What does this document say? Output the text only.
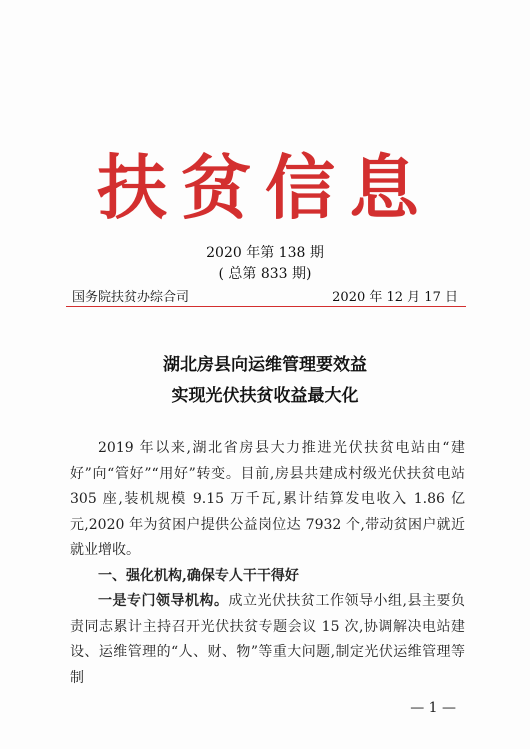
扶贫信息
2020 年第 138 期
( 总第 833 期)
国务院扶贫办综合司	2020 年 12 月 17 日
湖北房县向运维管理要效益
实现光伏扶贫收益最大化

2019 年以来,湖北省房县大力推进光伏扶贫电站由“建好”向“管好”“用好”转变。目前,房县共建成村级光伏扶贫电站 305 座,装机规模 9.15 万千瓦,累计结算发电收入 1.86 亿元,2020 年为贫困户提供公益岗位达 7932 个,带动贫困户就近就业增收。

一、强化机构,确保专人干干得好

一是专门领导机构。成立光伏扶贫工作领导小组,县主要负责同志累计主持召开光伏扶贫专题会议 15 次,协调解决电站建设、运维管理的“人、财、物”等重大问题,制定光伏运维管理等制

— 1 —
